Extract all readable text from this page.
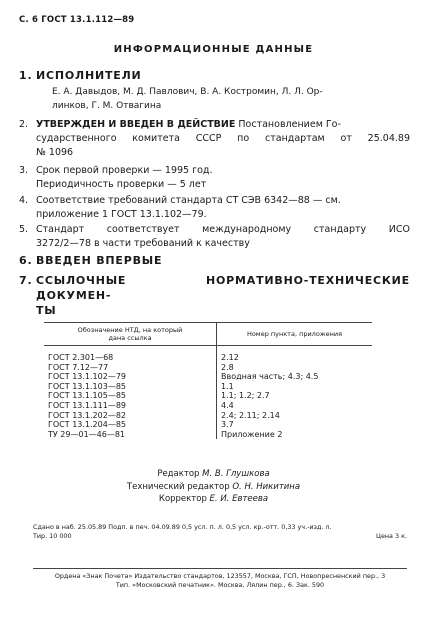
С. 6 ГОСТ 13.1.112—89
ИНФОРМАЦИОННЫЕ ДАННЫЕ
1. ИСПОЛНИТЕЛИ
Е. А. Давыдов, М. Д. Павлович, В. А. Костромин, Л. Л. Ор-
линков, Г. М. Отвагина
2. УТВЕРЖДЕН И ВВЕДЕН В ДЕЙСТВИЕ Постановлением Го-
сударственного комитета СССР по стандартам от 25.04.89
№ 1096
3. Срок первой проверки — 1995 год.
Периодичность проверки — 5 лет
4. Соответствие требований стандарта СТ СЭВ 6342—88 — см.
приложение 1 ГОСТ 13.1.102—79.
5. Стандарт соответствует международному стандарту ИСО
3272/2—78 в части требований к качеству
6. ВВЕДЕН ВПЕРВЫЕ
7. ССЫЛОЧНЫЕ НОРМАТИВНО-ТЕХНИЧЕСКИЕ ДОКУМЕН-
ТЫ
Обозначение НТД, на который
дана ссылка	Номер пункта, приложения
ГОСТ 2.301—68	2.12
ГОСТ 7.12—77	2.8
ГОСТ 13.1.102—79	Вводная часть; 4.3; 4.5
ГОСТ 13.1.103—85	1.1
ГОСТ 13.1.105—85	1.1; 1.2; 2.7
ГОСТ 13.1.111—89	4.4
ГОСТ 13.1.202—82	2.4; 2.11; 2.14
ГОСТ 13.1.204—85	3.7
ТУ 29—01—46—81	Приложение 2
Редактор М. В. Глушкова
Технический редактор О. Н. Никитина
Корректор Е. И. Евтеева
Сдано в наб. 25.05.89 Подп. в печ. 04.09.89 0,5 усл. п. л. 0,5 усл. кр.-отт. 0,33 уч.-изд. л.
Тир. 10 000	Цена 3 к.
Ордена «Знак Почета» Издательство стандартов, 123557, Москва, ГСП, Новопресненский пер., 3
Тип. «Московский печатник». Москва, Лялин пер., 6. Зак. 590
